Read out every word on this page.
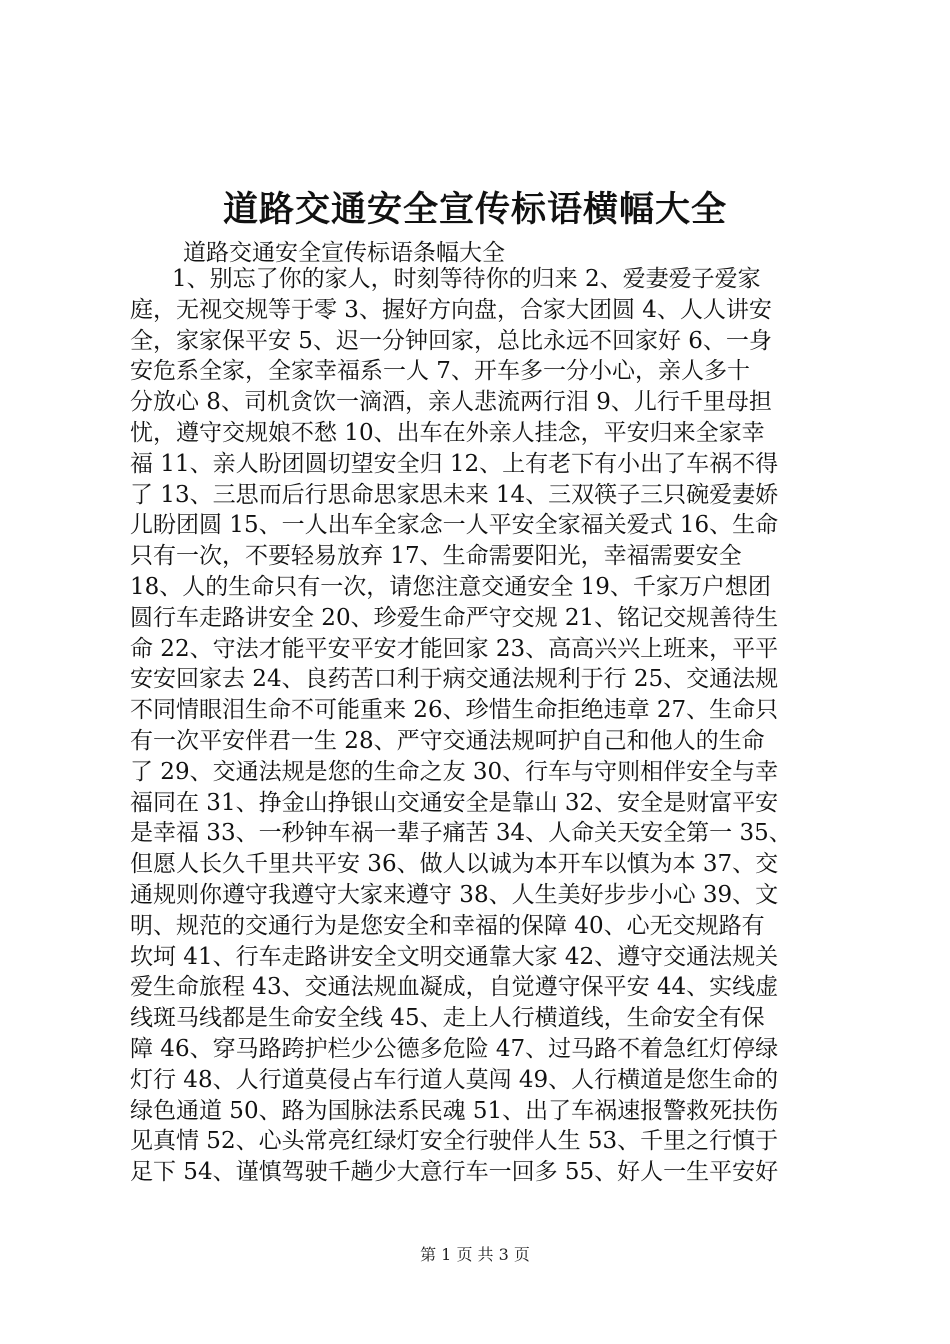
道路交通安全宣传标语横幅大全

道路交通安全宣传标语条幅大全

1、别忘了你的家人，时刻等待你的归来 2、爱妻爱子爱家
庭，无视交规等于零 3、握好方向盘，合家大团圆 4、人人讲安
全，家家保平安 5、迟一分钟回家，总比永远不回家好 6、一身
安危系全家，全家幸福系一人 7、开车多一分小心，亲人多十
分放心 8、司机贪饮一滴酒，亲人悲流两行泪 9、儿行千里母担
忧，遵守交规娘不愁 10、出车在外亲人挂念，平安归来全家幸
福 11、亲人盼团圆切望安全归 12、上有老下有小出了车祸不得
了 13、三思而后行思命思家思未来 14、三双筷子三只碗爱妻娇
儿盼团圆 15、一人出车全家念一人平安全家福关爱式 16、生命
只有一次，不要轻易放弃 17、生命需要阳光，幸福需要安全
18、人的生命只有一次，请您注意交通安全 19、千家万户想团
圆行车走路讲安全 20、珍爱生命严守交规 21、铭记交规善待生
命 22、守法才能平安平安才能回家 23、高高兴兴上班来，平平
安安回家去 24、良药苦口利于病交通法规利于行 25、交通法规
不同情眼泪生命不可能重来 26、珍惜生命拒绝违章 27、生命只
有一次平安伴君一生 28、严守交通法规呵护自己和他人的生命
了 29、交通法规是您的生命之友 30、行车与守则相伴安全与幸
福同在 31、挣金山挣银山交通安全是靠山 32、安全是财富平安
是幸福 33、一秒钟车祸一辈子痛苦 34、人命关天安全第一 35、
但愿人长久千里共平安 36、做人以诚为本开车以慎为本 37、交
通规则你遵守我遵守大家来遵守 38、人生美好步步小心 39、文
明、规范的交通行为是您安全和幸福的保障 40、心无交规路有
坎坷 41、行车走路讲安全文明交通靠大家 42、遵守交通法规关
爱生命旅程 43、交通法规血凝成，自觉遵守保平安 44、实线虚
线斑马线都是生命安全线 45、走上人行横道线，生命安全有保
障 46、穿马路跨护栏少公德多危险 47、过马路不着急红灯停绿
灯行 48、人行道莫侵占车行道人莫闯 49、人行横道是您生命的
绿色通道 50、路为国脉法系民魂 51、出了车祸速报警救死扶伤
见真情 52、心头常亮红绿灯安全行驶伴人生 53、千里之行慎于
足下 54、谨慎驾驶千趟少大意行车一回多 55、好人一生平安好

第 1 页 共 3 页
